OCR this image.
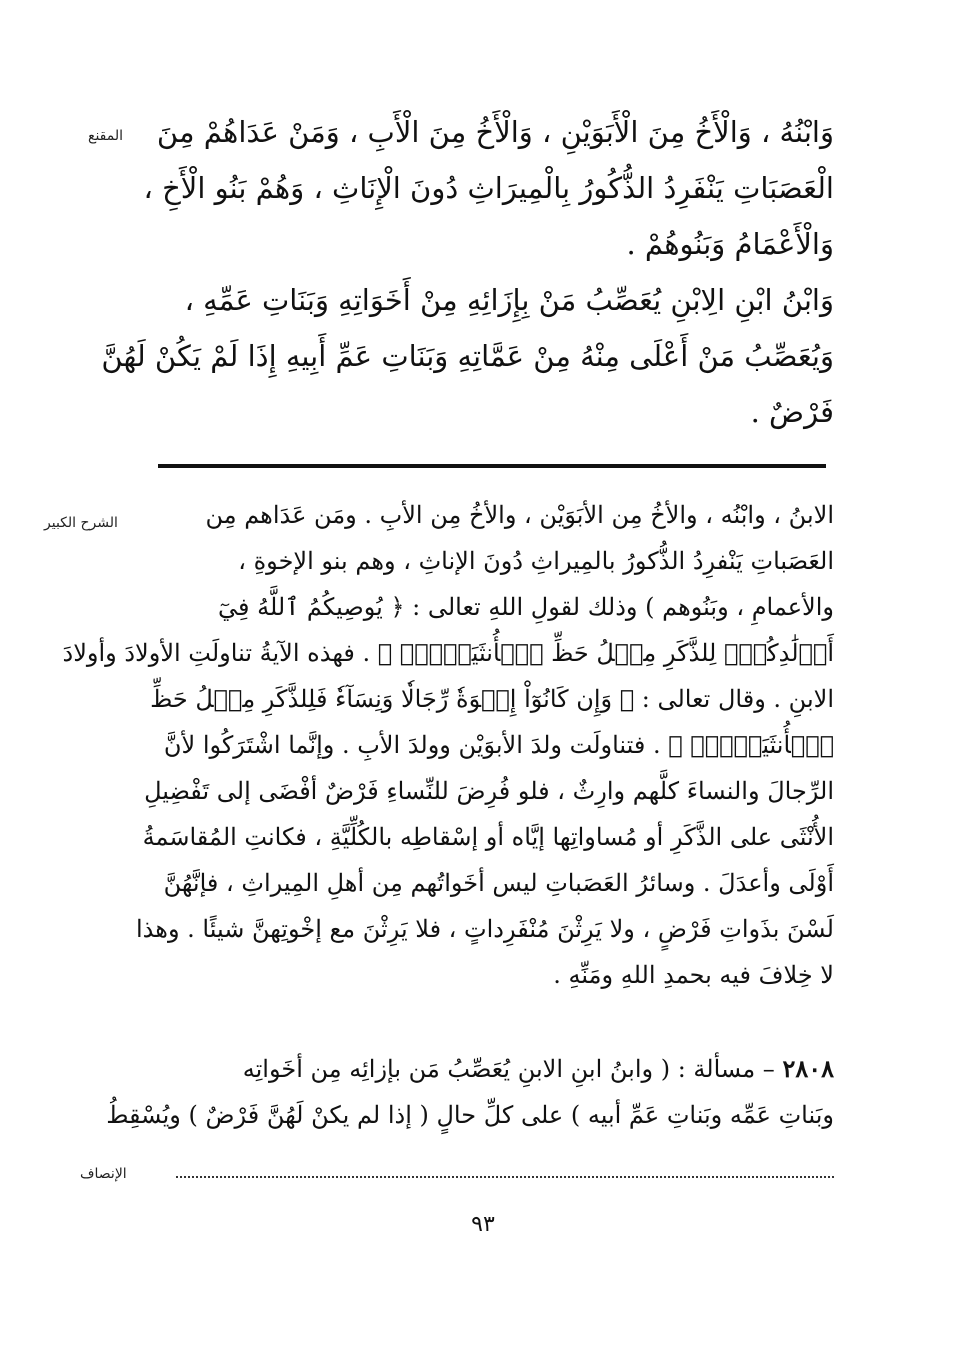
المقنع
الشرح الكبير
الإنصاف
وَابْنُهُ ، وَالْأَخُ مِنَ الْأَبَوَيْنِ ، وَالْأَخُ مِنَ الْأَبِ ، وَمَنْ عَدَاهُمْ مِنَ
الْعَصَبَاتِ يَنْفَرِدُ الذُّكُورُ بِالْمِيرَاثِ دُونَ الْإِنَاثِ ، وَهُمْ بَنُو الْأَخِ ،
وَالْأَعْمَامُ وَبَنُوهُمْ .
وَابْنُ ابْنِ الِابْنِ يُعَصِّبُ مَنْ بِإِزَائِهِ مِنْ أَخَوَاتِهِ وَبَنَاتِ عَمِّهِ ،
وَيُعَصِّبُ مَنْ أَعْلَى مِنْهُ مِنْ عَمَّاتِهِ وَبَنَاتِ عَمِّ أَبِيهِ إِذَا لَمْ يَكُنْ لَهُنَّ
فَرْضٌ .
الابنُ ، وابْنُه ، والأخُ مِن الأبَوَيْن ، والأخُ مِن الأبِ . ومَن عَدَاهم مِن
العَصَباتِ يَنْفرِدُ الذُّكورُ بالمِيراثِ دُونَ الإناثِ ، وهم بنو الإخوةِ ،
والأعمامِ ، وبَنُوهم ) وذلك لقولِ اللهِ تعالى : ﴿ يُوصِيكُمُ ٱللَّهُ فِيٓ
أَوۡلَٰدِكُمۡۖ لِلذَّكَرِ مِثۡلُ حَظِّ ٱلۡأُنثَيَيۡنِۚ ﴾ . فهذه الآيةُ تناولَتِ الأولادَ وأولادَ
الابنِ . وقال تعالى : ﴿ وَإِن كَانُوٓاْ إِخۡوَةٗ رِّجَالٗا وَنِسَآءٗ فَلِلذَّكَرِ مِثۡلُ حَظِّ
ٱلۡأُنثَيَيۡنِۗ ﴾ . فتناولَت ولدَ الأبوَيْن وولدَ الأبِ . وإنَّما اشْتَرَكُوا لأنَّ
الرِّجالَ والنساءَ كلَّهم وارِثٌ ، فلو فُرِضَ للنِّساءِ فَرْضٌ أفْضَى إلى تَفْضِيلِ
الأُنْثَى على الذَّكَرِ أو مُساواتِها إيَّاه أو إسْقاطِه بالكُلِّيَّةِ ، فكانتِ المُقاسَمةُ
أَوْلَى وأعدَلَ . وسائرُ العَصَباتِ ليس أخَواتُهم مِن أهلِ المِيراثِ ، فإنَّهُنَّ
لَسْنَ بذَواتِ فَرْضٍ ، ولا يَرِثْنَ مُنْفَرِداتٍ ، فلا يَرِثْنَ مع إخْوتِهنَّ شيئًا . وهذا
لا خِلافَ فيه بحمدِ اللهِ ومَنِّهِ .
٢٨٠٨ – مسألة : ( وابنُ ابنِ الابنِ يُعَصِّبُ مَن بإزائِه مِن أخَواتِه
وبَناتِ عَمِّه وبَناتِ عَمِّ أبيه ) على كلِّ حالٍ ( إذا لم يكنْ لَهُنَّ فَرْضٌ ) ويُسْقِطُ
٩٣
